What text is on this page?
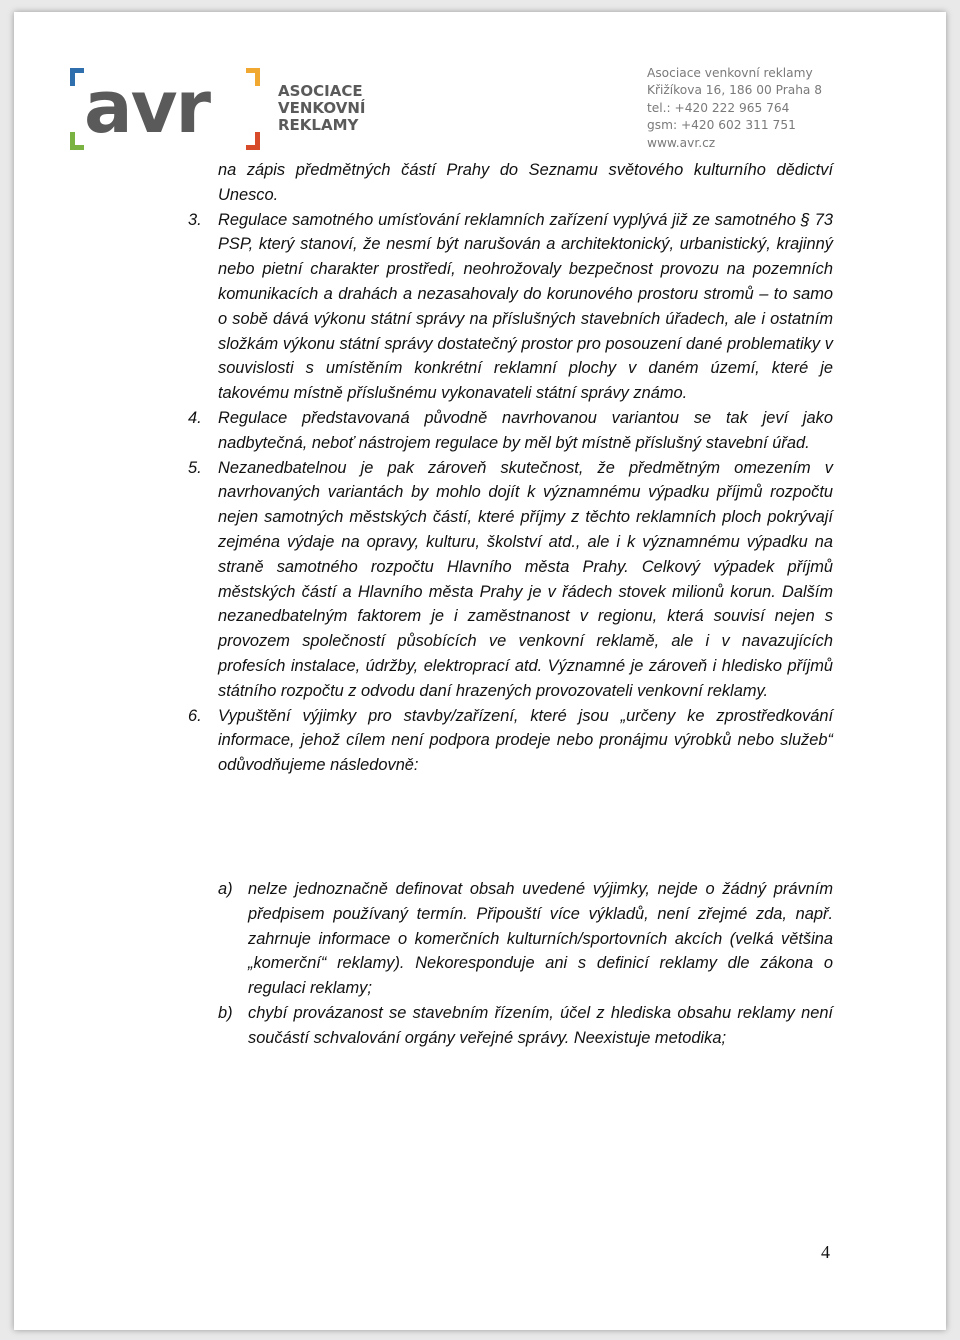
avr	ASOCIACE
VENKOVNÍ
REKLAMY
Asociace venkovní reklamy
Křižíkova 16, 186 00 Praha 8
tel.: +420 222 965 764
gsm: +420 602 311 751
www.avr.cz
na zápis předmětných částí Prahy do Seznamu světového kulturního dědictví Unesco.
3. Regulace samotného umísťování reklamních zařízení vyplývá již ze samotného § 73 PSP, který stanoví, že nesmí být narušován a architektonický, urbanistický, krajinný nebo pietní charakter prostředí, neohrožovaly bezpečnost provozu na pozemních komunikacích a drahách a nezasahovaly do korunového prostoru stromů – to samo o sobě dává výkonu státní správy na příslušných stavebních úřadech, ale i ostatním složkám výkonu státní správy dostatečný prostor pro posouzení dané problematiky v souvislosti s umístěním konkrétní reklamní plochy v daném území, které je takovému místně příslušnému vykonavateli státní správy známo.
4. Regulace představovaná původně navrhovanou variantou se tak jeví jako nadbytečná, neboť nástrojem regulace by měl být místně příslušný stavební úřad.
5. Nezanedbatelnou je pak zároveň skutečnost, že předmětným omezením v navrhovaných variantách by mohlo dojít k významnému výpadku příjmů rozpočtu nejen samotných městských částí, které příjmy z těchto reklamních ploch pokrývají zejména výdaje na opravy, kulturu, školství atd., ale i k významnému výpadku na straně samotného rozpočtu Hlavního města Prahy. Celkový výpadek příjmů městských částí a Hlavního města Prahy je v řádech stovek milionů korun. Dalším nezanedbatelným faktorem je i zaměstnanost v regionu, která souvisí nejen s provozem společností působících ve venkovní reklamě, ale i v navazujících profesích instalace, údržby, elektroprací atd. Významné je zároveň i hledisko příjmů státního rozpočtu z odvodu daní hrazených provozovateli venkovní reklamy.
6. Vypuštění výjimky pro stavby/zařízení, které jsou „určeny ke zprostředkování informace, jehož cílem není podpora prodeje nebo pronájmu výrobků nebo služeb“ odůvodňujeme následovně:
a) nelze jednoznačně definovat obsah uvedené výjimky, nejde o žádný právním předpisem používaný termín. Připouští více výkladů, není zřejmé zda, např. zahrnuje informace o komerčních kulturních/sportovních akcích (velká většina „komerční“ reklamy). Nekoresponduje ani s definicí reklamy dle zákona o regulaci reklamy;
b) chybí provázanost se stavebním řízením, účel z hlediska obsahu reklamy není součástí schvalování orgány veřejné správy. Neexistuje metodika;
4
